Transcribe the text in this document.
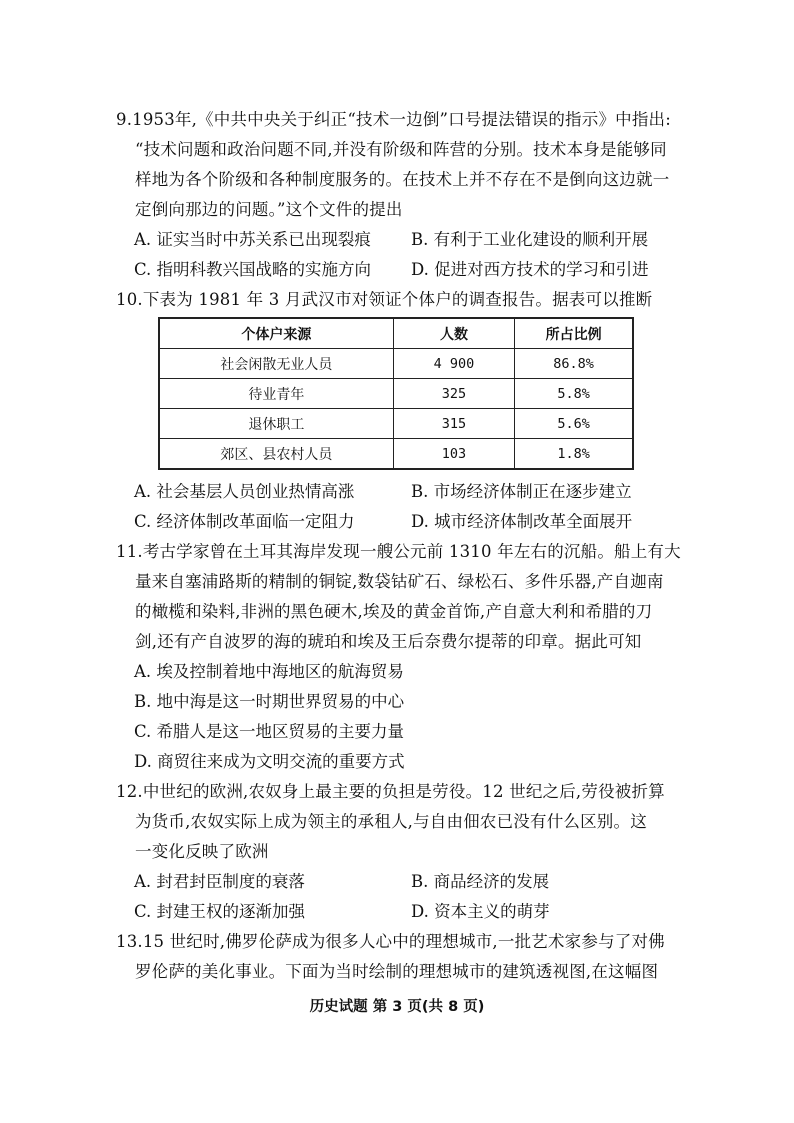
9.1953年,《中共中央关于纠正“技术一边倒”口号提法错误的指示》中指出:
“技术问题和政治问题不同,并没有阶级和阵营的分别。技术本身是能够同
样地为各个阶级和各种制度服务的。在技术上并不存在不是倒向这边就一
定倒向那边的问题。”这个文件的提出
A. 证实当时中苏关系已出现裂痕 B. 有利于工业化建设的顺利开展
C. 指明科教兴国战略的实施方向 D. 促进对西方技术的学习和引进
10.下表为 1981 年 3 月武汉市对领证个体户的调查报告。据表可以推断
个体户来源	人数	所占比例
社会闲散无业人员	4 900	86.8%
待业青年	325	5.8%
退休职工	315	5.6%
郊区、县农村人员	103	1.8%
A. 社会基层人员创业热情高涨	B. 市场经济体制正在逐步建立
C. 经济体制改革面临一定阻力	D. 城市经济体制改革全面展开
11.考古学家曾在土耳其海岸发现一艘公元前 1310 年左右的沉船。船上有大
量来自塞浦路斯的精制的铜锭,数袋钴矿石、绿松石、多件乐器,产自迦南
的橄榄和染料,非洲的黑色硬木,埃及的黄金首饰,产自意大利和希腊的刀
剑,还有产自波罗的海的琥珀和埃及王后奈费尔提蒂的印章。据此可知
A. 埃及控制着地中海地区的航海贸易
B. 地中海是这一时期世界贸易的中心
C. 希腊人是这一地区贸易的主要力量
D. 商贸往来成为文明交流的重要方式
12.中世纪的欧洲,农奴身上最主要的负担是劳役。12 世纪之后,劳役被折算
为货币,农奴实际上成为领主的承租人,与自由佃农已没有什么区别。这
一变化反映了欧洲
A. 封君封臣制度的衰落	B. 商品经济的发展
C. 封建王权的逐渐加强	D. 资本主义的萌芽
13.15 世纪时,佛罗伦萨成为很多人心中的理想城市,一批艺术家参与了对佛
罗伦萨的美化事业。下面为当时绘制的理想城市的建筑透视图,在这幅图
历史试题 第 3 页(共 8 页)
